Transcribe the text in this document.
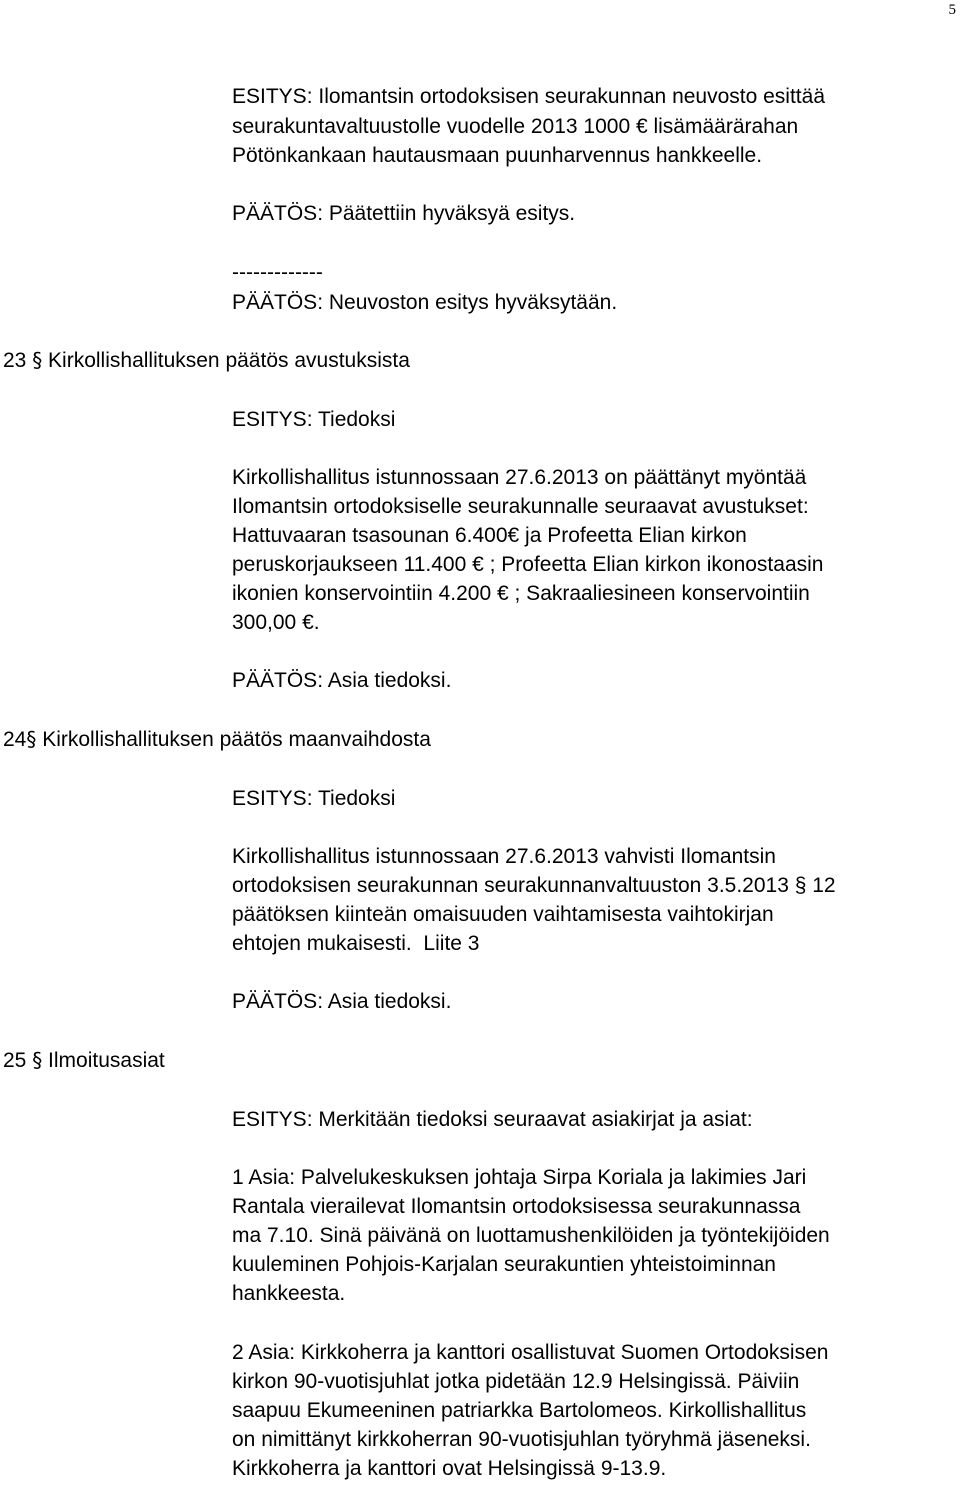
5
ESITYS: Ilomantsin ortodoksisen seurakunnan neuvosto esittää
seurakuntavaltuustolle vuodelle 2013 1000 € lisämäärärahan
Pötönkankaan hautausmaan puunharvennus hankkeelle.
PÄÄTÖS: Päätettiin hyväksyä esitys.
-------------
PÄÄTÖS: Neuvoston esitys hyväksytään.
23 § Kirkollishallituksen päätös avustuksista
ESITYS: Tiedoksi
Kirkollishallitus istunnossaan 27.6.2013 on päättänyt myöntää
Ilomantsin ortodoksiselle seurakunnalle seuraavat avustukset:
Hattuvaaran tsasounan 6.400€ ja Profeetta Elian kirkon
peruskorjaukseen 11.400 € ; Profeetta Elian kirkon ikonostaasin
ikonien konservointiin 4.200 € ; Sakraaliesineen konservointiin
300,00 €.
PÄÄTÖS: Asia tiedoksi.
24§ Kirkollishallituksen päätös maanvaihdosta
ESITYS: Tiedoksi
Kirkollishallitus istunnossaan 27.6.2013 vahvisti Ilomantsin
ortodoksisen seurakunnan seurakunnanvaltuuston 3.5.2013 § 12
päätöksen kiinteän omaisuuden vaihtamisesta vaihtokirjan
ehtojen mukaisesti.  Liite 3
PÄÄTÖS: Asia tiedoksi.
25 § Ilmoitusasiat
ESITYS: Merkitään tiedoksi seuraavat asiakirjat ja asiat:
1 Asia: Palvelukeskuksen johtaja Sirpa Koriala ja lakimies Jari
Rantala vierailevat Ilomantsin ortodoksisessa seurakunnassa
ma 7.10. Sinä päivänä on luottamushenkilöiden ja työntekijöiden
kuuleminen Pohjois-Karjalan seurakuntien yhteistoiminnan
hankkeesta.
2 Asia: Kirkkoherra ja kanttori osallistuvat Suomen Ortodoksisen
kirkon 90-vuotisjuhlat jotka pidetään 12.9 Helsingissä. Päiviin
saapuu Ekumeeninen patriarkka Bartolomeos. Kirkollishallitus
on nimittänyt kirkkoherran 90-vuotisjuhlan työryhmä jäseneksi.
Kirkkoherra ja kanttori ovat Helsingissä 9-13.9.
